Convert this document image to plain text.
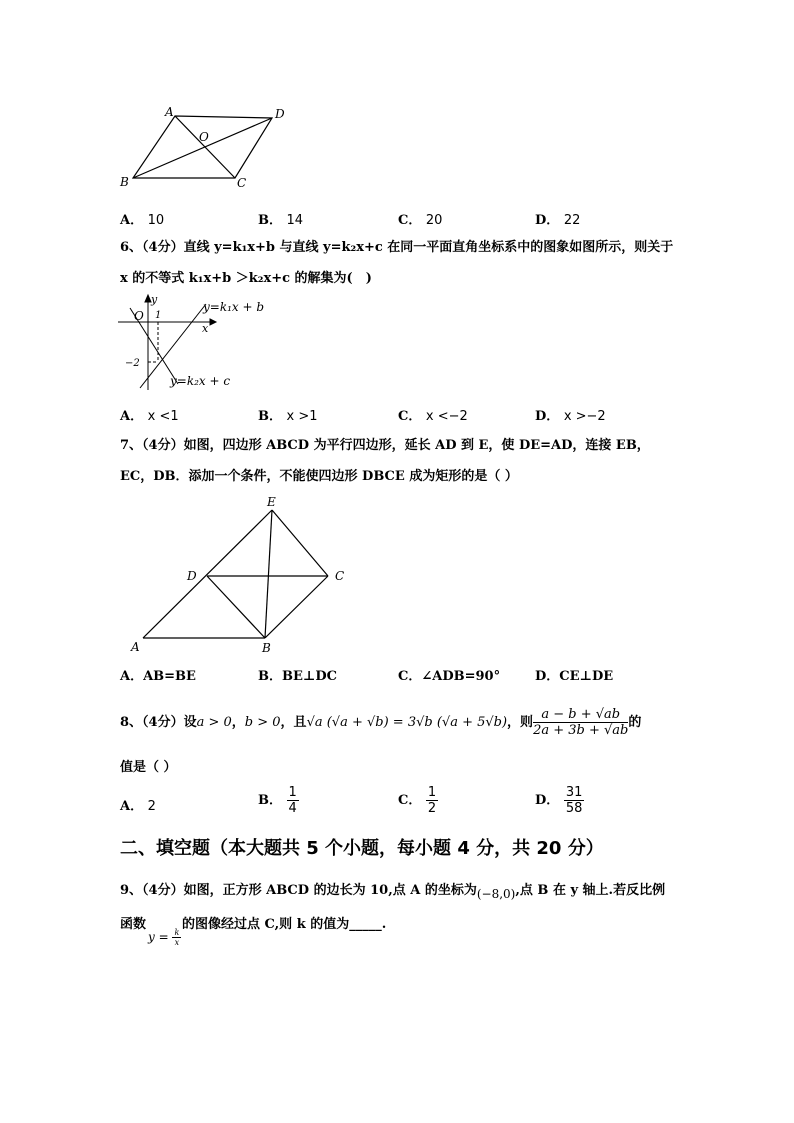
A	D
O
B	C
A． 10	B． 14	C． 20	D． 22
6、（4分）直线 y=k₁x+b 与直线 y=k₂x+c 在同一平面直角坐标系中的图象如图所示，则关于
x 的不等式 k₁x+b ＞k₂x+c 的解集为(　)
y
x
O 1
−2
y=k₁x + b
y=k₂x + c
A． x <1	B． x >1	C． x <−2	D． x >−2
7、（4分）如图，四边形 ABCD 为平行四边形，延长 AD 到 E，使 DE=AD，连接 EB，
EC，DB．添加一个条件，不能使四边形 DBCE 成为矩形的是（ ）
E
D	C
A	B
A．AB=BE	B．BE⊥DC	C．∠ADB=90°	D．CE⊥DE
8、（4分）设a > 0，b > 0，且√a (√a + √b) = 3√b (√a + 5√b)，则 $\frac{a - b + √ab}{2a + 3b + √ab}$ 的
值是（ ）
A． 2	B． $\frac{1}{4}$	C． $\frac{1}{2}$	D． $\frac{31}{58}$
二、填空题（本大题共 5 个小题，每小题 4 分，共 20 分）
9、（4分）如图，正方形 ABCD 的边长为 10,点 A 的坐标为(−8,0),点 B 在 y 轴上.若反比例
函数
$y = \frac{k}{x}$
的图像经过点 C,则 k 的值为_____.
